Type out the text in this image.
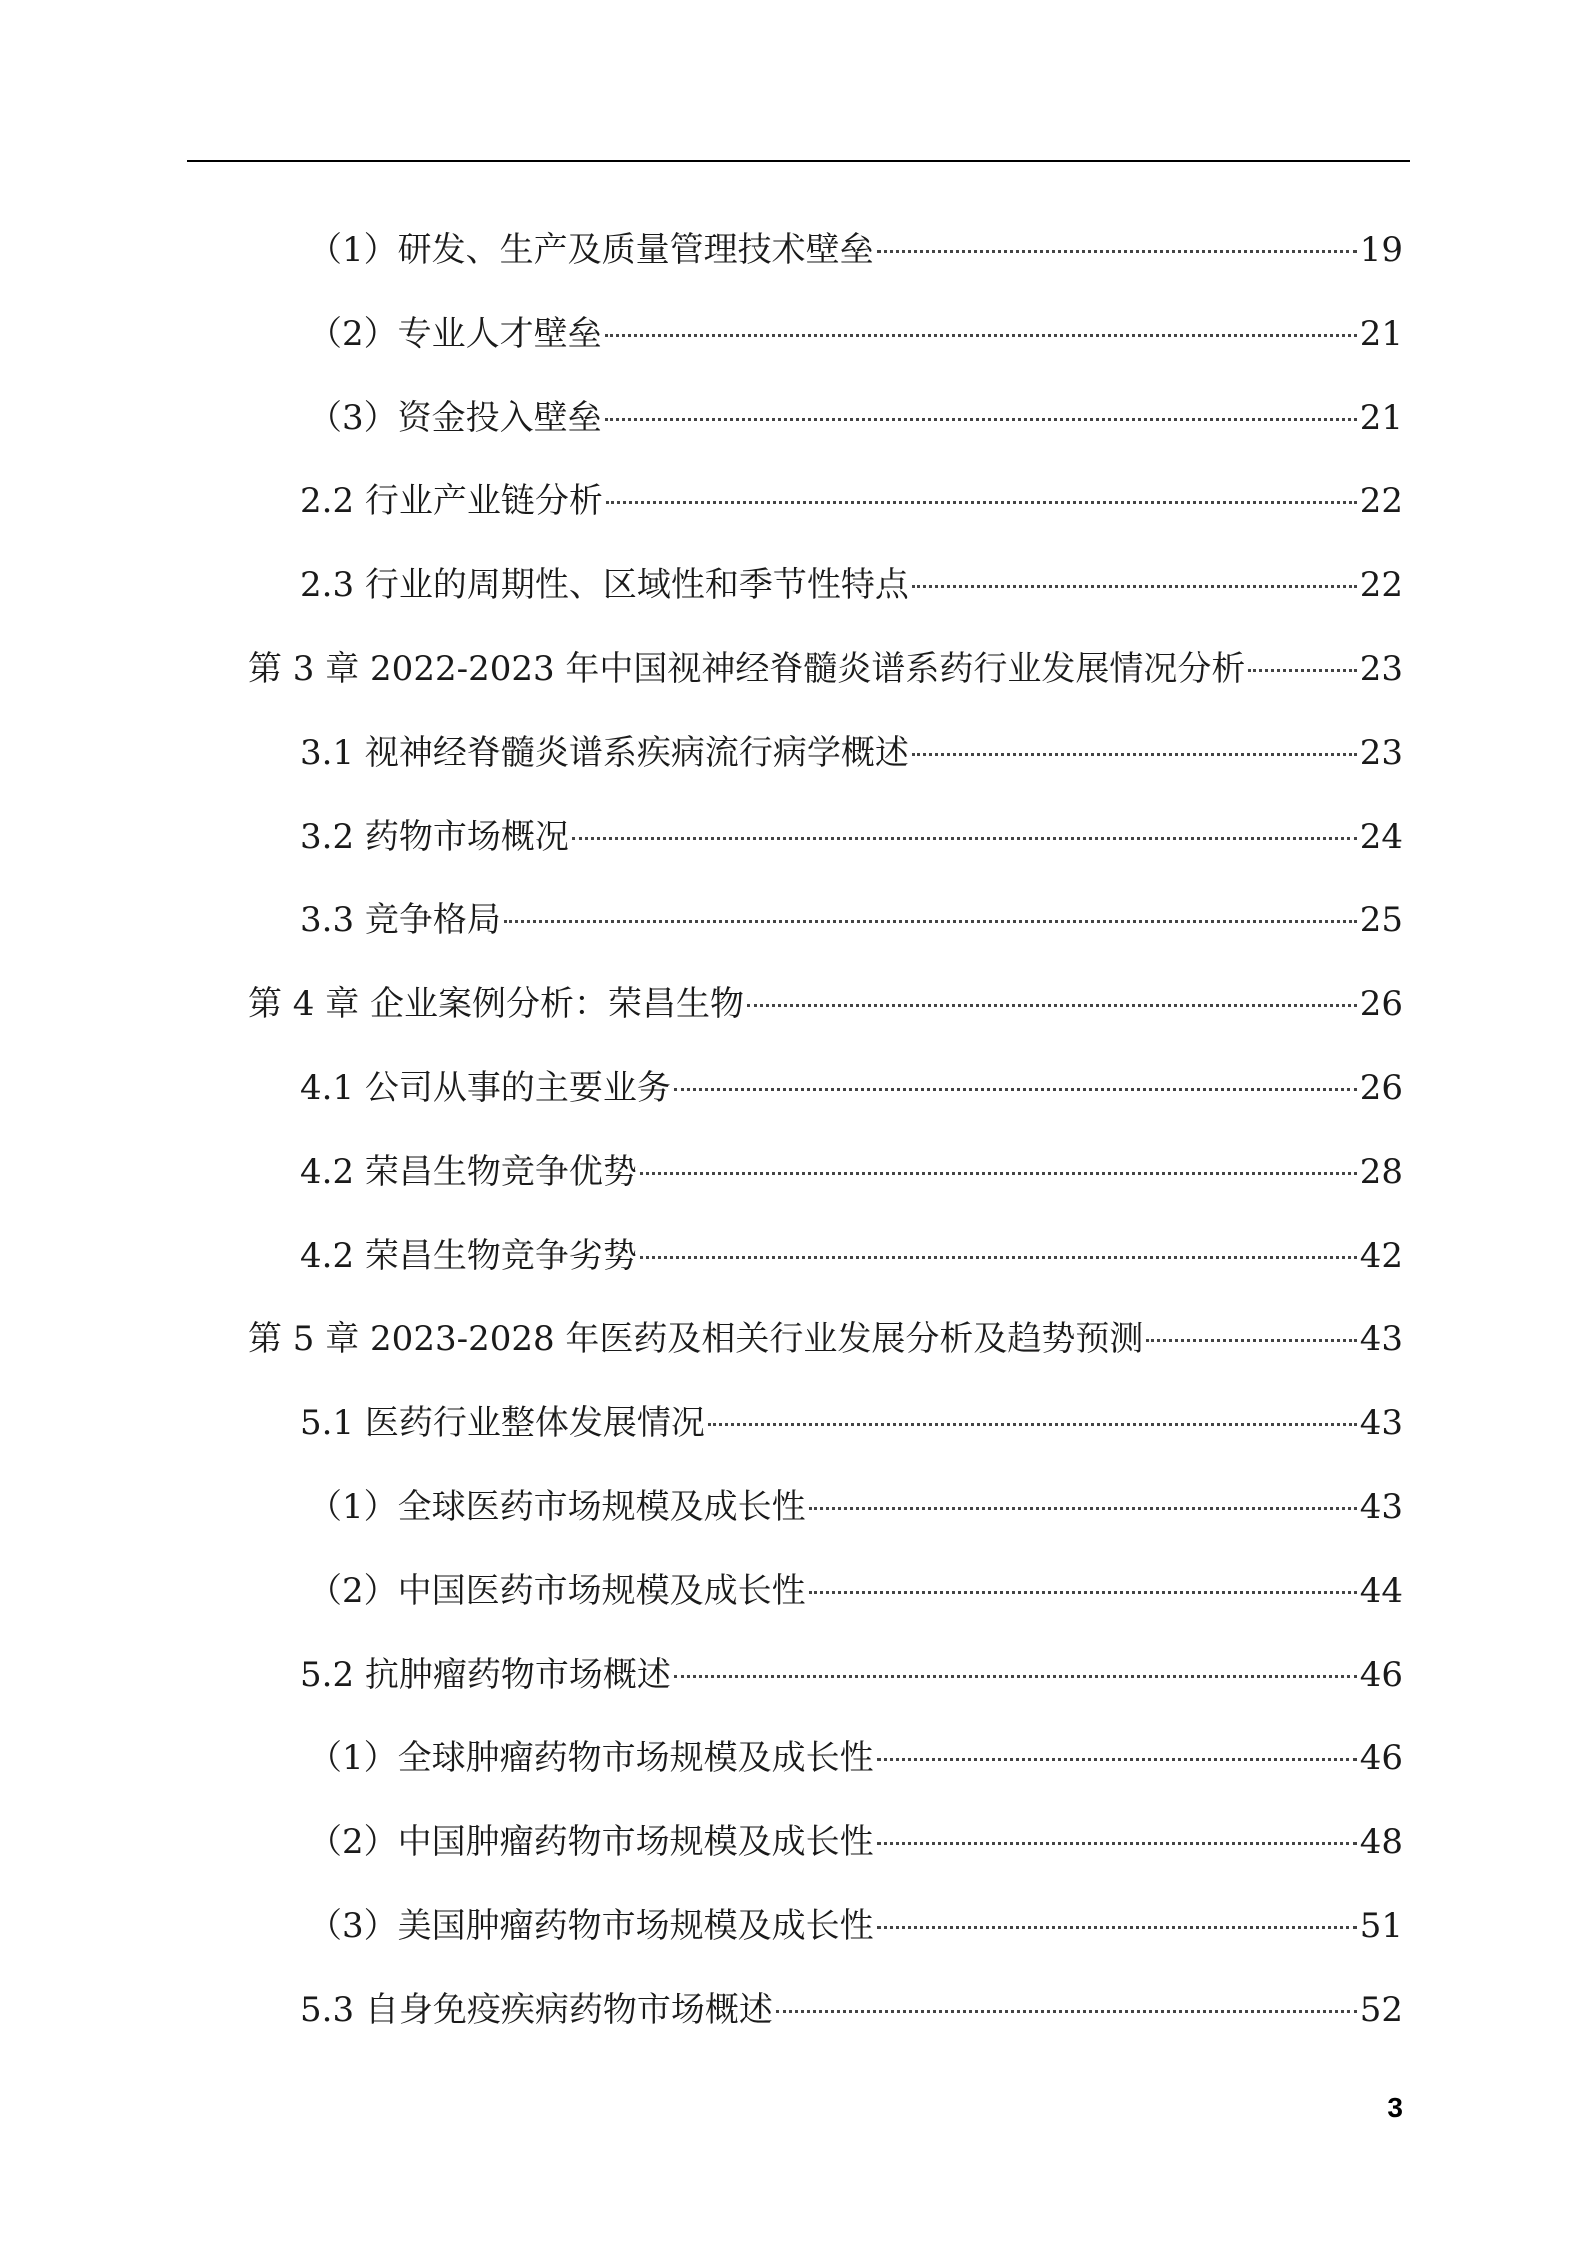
（1）研发、生产及质量管理技术壁垒	19
（2）专业人才壁垒	21
（3）资金投入壁垒	21
2.2 行业产业链分析	22
2.3 行业的周期性、区域性和季节性特点	22
第 3 章 2022-2023 年中国视神经脊髓炎谱系药行业发展情况分析	23
3.1 视神经脊髓炎谱系疾病流行病学概述	23
3.2 药物市场概况	24
3.3 竞争格局	25
第 4 章 企业案例分析：荣昌生物	26
4.1 公司从事的主要业务	26
4.2 荣昌生物竞争优势	28
4.2 荣昌生物竞争劣势	42
第 5 章 2023-2028 年医药及相关行业发展分析及趋势预测	43
5.1 医药行业整体发展情况	43
（1）全球医药市场规模及成长性	43
（2）中国医药市场规模及成长性	44
5.2 抗肿瘤药物市场概述	46
（1）全球肿瘤药物市场规模及成长性	46
（2）中国肿瘤药物市场规模及成长性	48
（3）美国肿瘤药物市场规模及成长性	51
5.3 自身免疫疾病药物市场概述	52
3
